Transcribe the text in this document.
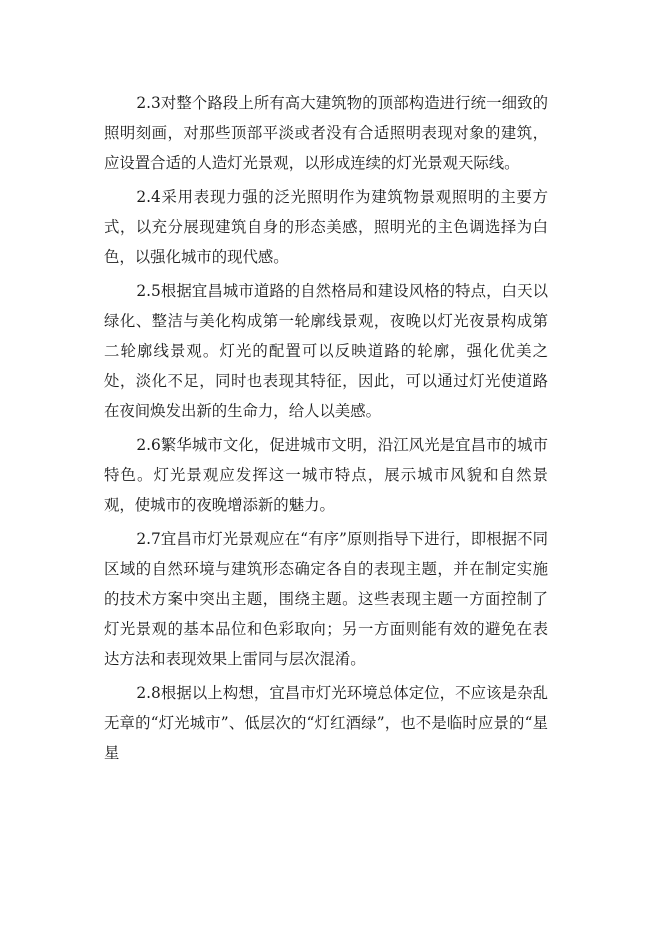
2.3对整个路段上所有高大建筑物的顶部构造进行统一细致的照明刻画，对那些顶部平淡或者没有合适照明表现对象的建筑，应设置合适的人造灯光景观，以形成连续的灯光景观天际线。

2.4采用表现力强的泛光照明作为建筑物景观照明的主要方式，以充分展现建筑自身的形态美感，照明光的主色调选择为白色，以强化城市的现代感。

2.5根据宜昌城市道路的自然格局和建设风格的特点，白天以绿化、整洁与美化构成第一轮廓线景观，夜晚以灯光夜景构成第二轮廓线景观。灯光的配置可以反映道路的轮廓，强化优美之处，淡化不足，同时也表现其特征，因此，可以通过灯光使道路在夜间焕发出新的生命力，给人以美感。

2.6繁华城市文化，促进城市文明，沿江风光是宜昌市的城市特色。灯光景观应发挥这一城市特点，展示城市风貌和自然景观，使城市的夜晚增添新的魅力。

2.7宜昌市灯光景观应在“有序”原则指导下进行，即根据不同区域的自然环境与建筑形态确定各自的表现主题，并在制定实施的技术方案中突出主题，围绕主题。这些表现主题一方面控制了灯光景观的基本品位和色彩取向；另一方面则能有效的避免在表达方法和表现效果上雷同与层次混淆。

2.8根据以上构想，宜昌市灯光环境总体定位，不应该是杂乱无章的“灯光城市”、低层次的“灯红酒绿”，也不是临时应景的“星星
